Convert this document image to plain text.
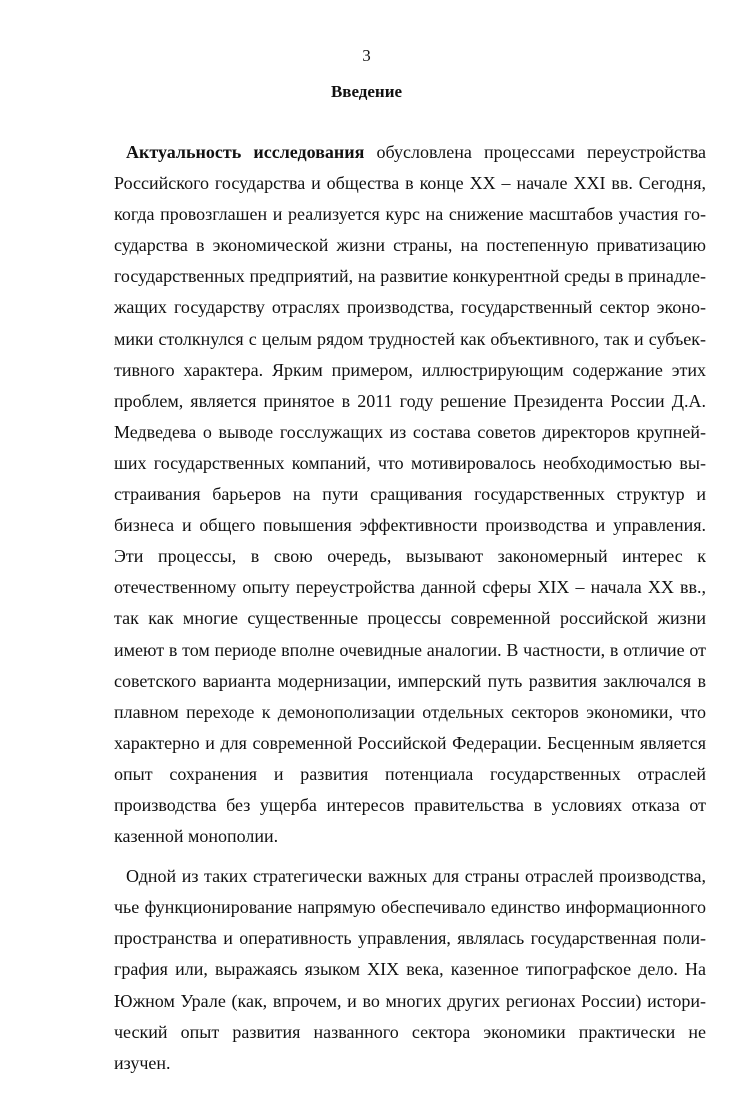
3
Введение

Актуальность исследования обусловлена процессами переустройства Российского государства и общества в конце XX – начале XXI вв. Сегодня, когда провозглашен и реализуется курс на снижение масштабов участия государства в экономической жизни страны, на постепенную приватизацию государственных предприятий, на развитие конкурентной среды в принадлежащих государству отраслях производства, государственный сектор экономики столкнулся с целым рядом трудностей как объективного, так и субъективного характера. Ярким примером, иллюстрирующим содержание этих проблем, является принятое в 2011 году решение Президента России Д.А. Медведева о выводе госслужащих из состава советов директоров крупнейших государственных компаний, что мотивировалось необходимостью выстраивания барьеров на пути сращивания государственных структур и бизнеса и общего повышения эффективности производства и управления. Эти процессы, в свою очередь, вызывают закономерный интерес к отечественному опыту переустройства данной сферы XIX – начала XX вв., так как многие существенные процессы современной российской жизни имеют в том периоде вполне очевидные аналогии. В частности, в отличие от советского варианта модернизации, имперский путь развития заключался в плавном переходе к демонополизации отдельных секторов экономики, что характерно и для современной Российской Федерации. Бесценным является опыт сохранения и развития потенциала государственных отраслей производства без ущерба интересов правительства в условиях отказа от казенной монополии.

Одной из таких стратегически важных для страны отраслей производства, чье функционирование напрямую обеспечивало единство информационного пространства и оперативность управления, являлась государственная полиграфия или, выражаясь языком XIX века, казенное типографское дело. На Южном Урале (как, впрочем, и во многих других регионах России) исторический опыт развития названного сектора экономики практически не изучен.
